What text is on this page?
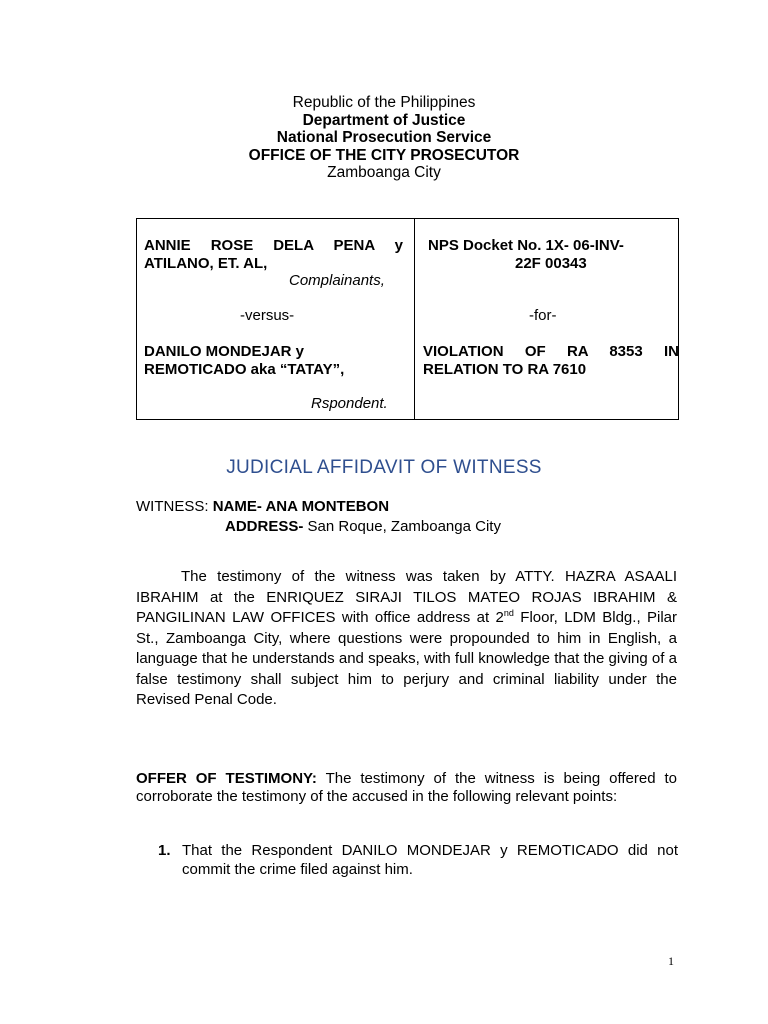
Republic of the Philippines
Department of Justice
National Prosecution Service
OFFICE OF THE CITY PROSECUTOR
Zamboanga City
ANNIE ROSE DELA PENA y
ATILANO, ET. AL,
Complainants,
-versus-
DANILO MONDEJAR y
REMOTICADO aka “TATAY”,
Rspondent.

NPS Docket No. 1X- 06-INV-
22F 00343
-for-
VIOLATION OF RA 8353 IN
RELATION TO RA 7610
JUDICIAL AFFIDAVIT OF WITNESS
WITNESS: NAME- ANA MONTEBON
ADDRESS- San Roque, Zamboanga City
The testimony of the witness was taken by ATTY. HAZRA ASAALI IBRAHIM at the ENRIQUEZ SIRAJI TILOS MATEO ROJAS IBRAHIM & PANGILINAN LAW OFFICES with office address at 2nd Floor, LDM Bldg., Pilar St., Zamboanga City, where questions were propounded to him in English, a language that he understands and speaks, with full knowledge that the giving of a false testimony shall subject him to perjury and criminal liability under the Revised Penal Code.
OFFER OF TESTIMONY: The testimony of the witness is being offered to corroborate the testimony of the accused in the following relevant points:
1. That the Respondent DANILO MONDEJAR y REMOTICADO did not commit the crime filed against him.
1
